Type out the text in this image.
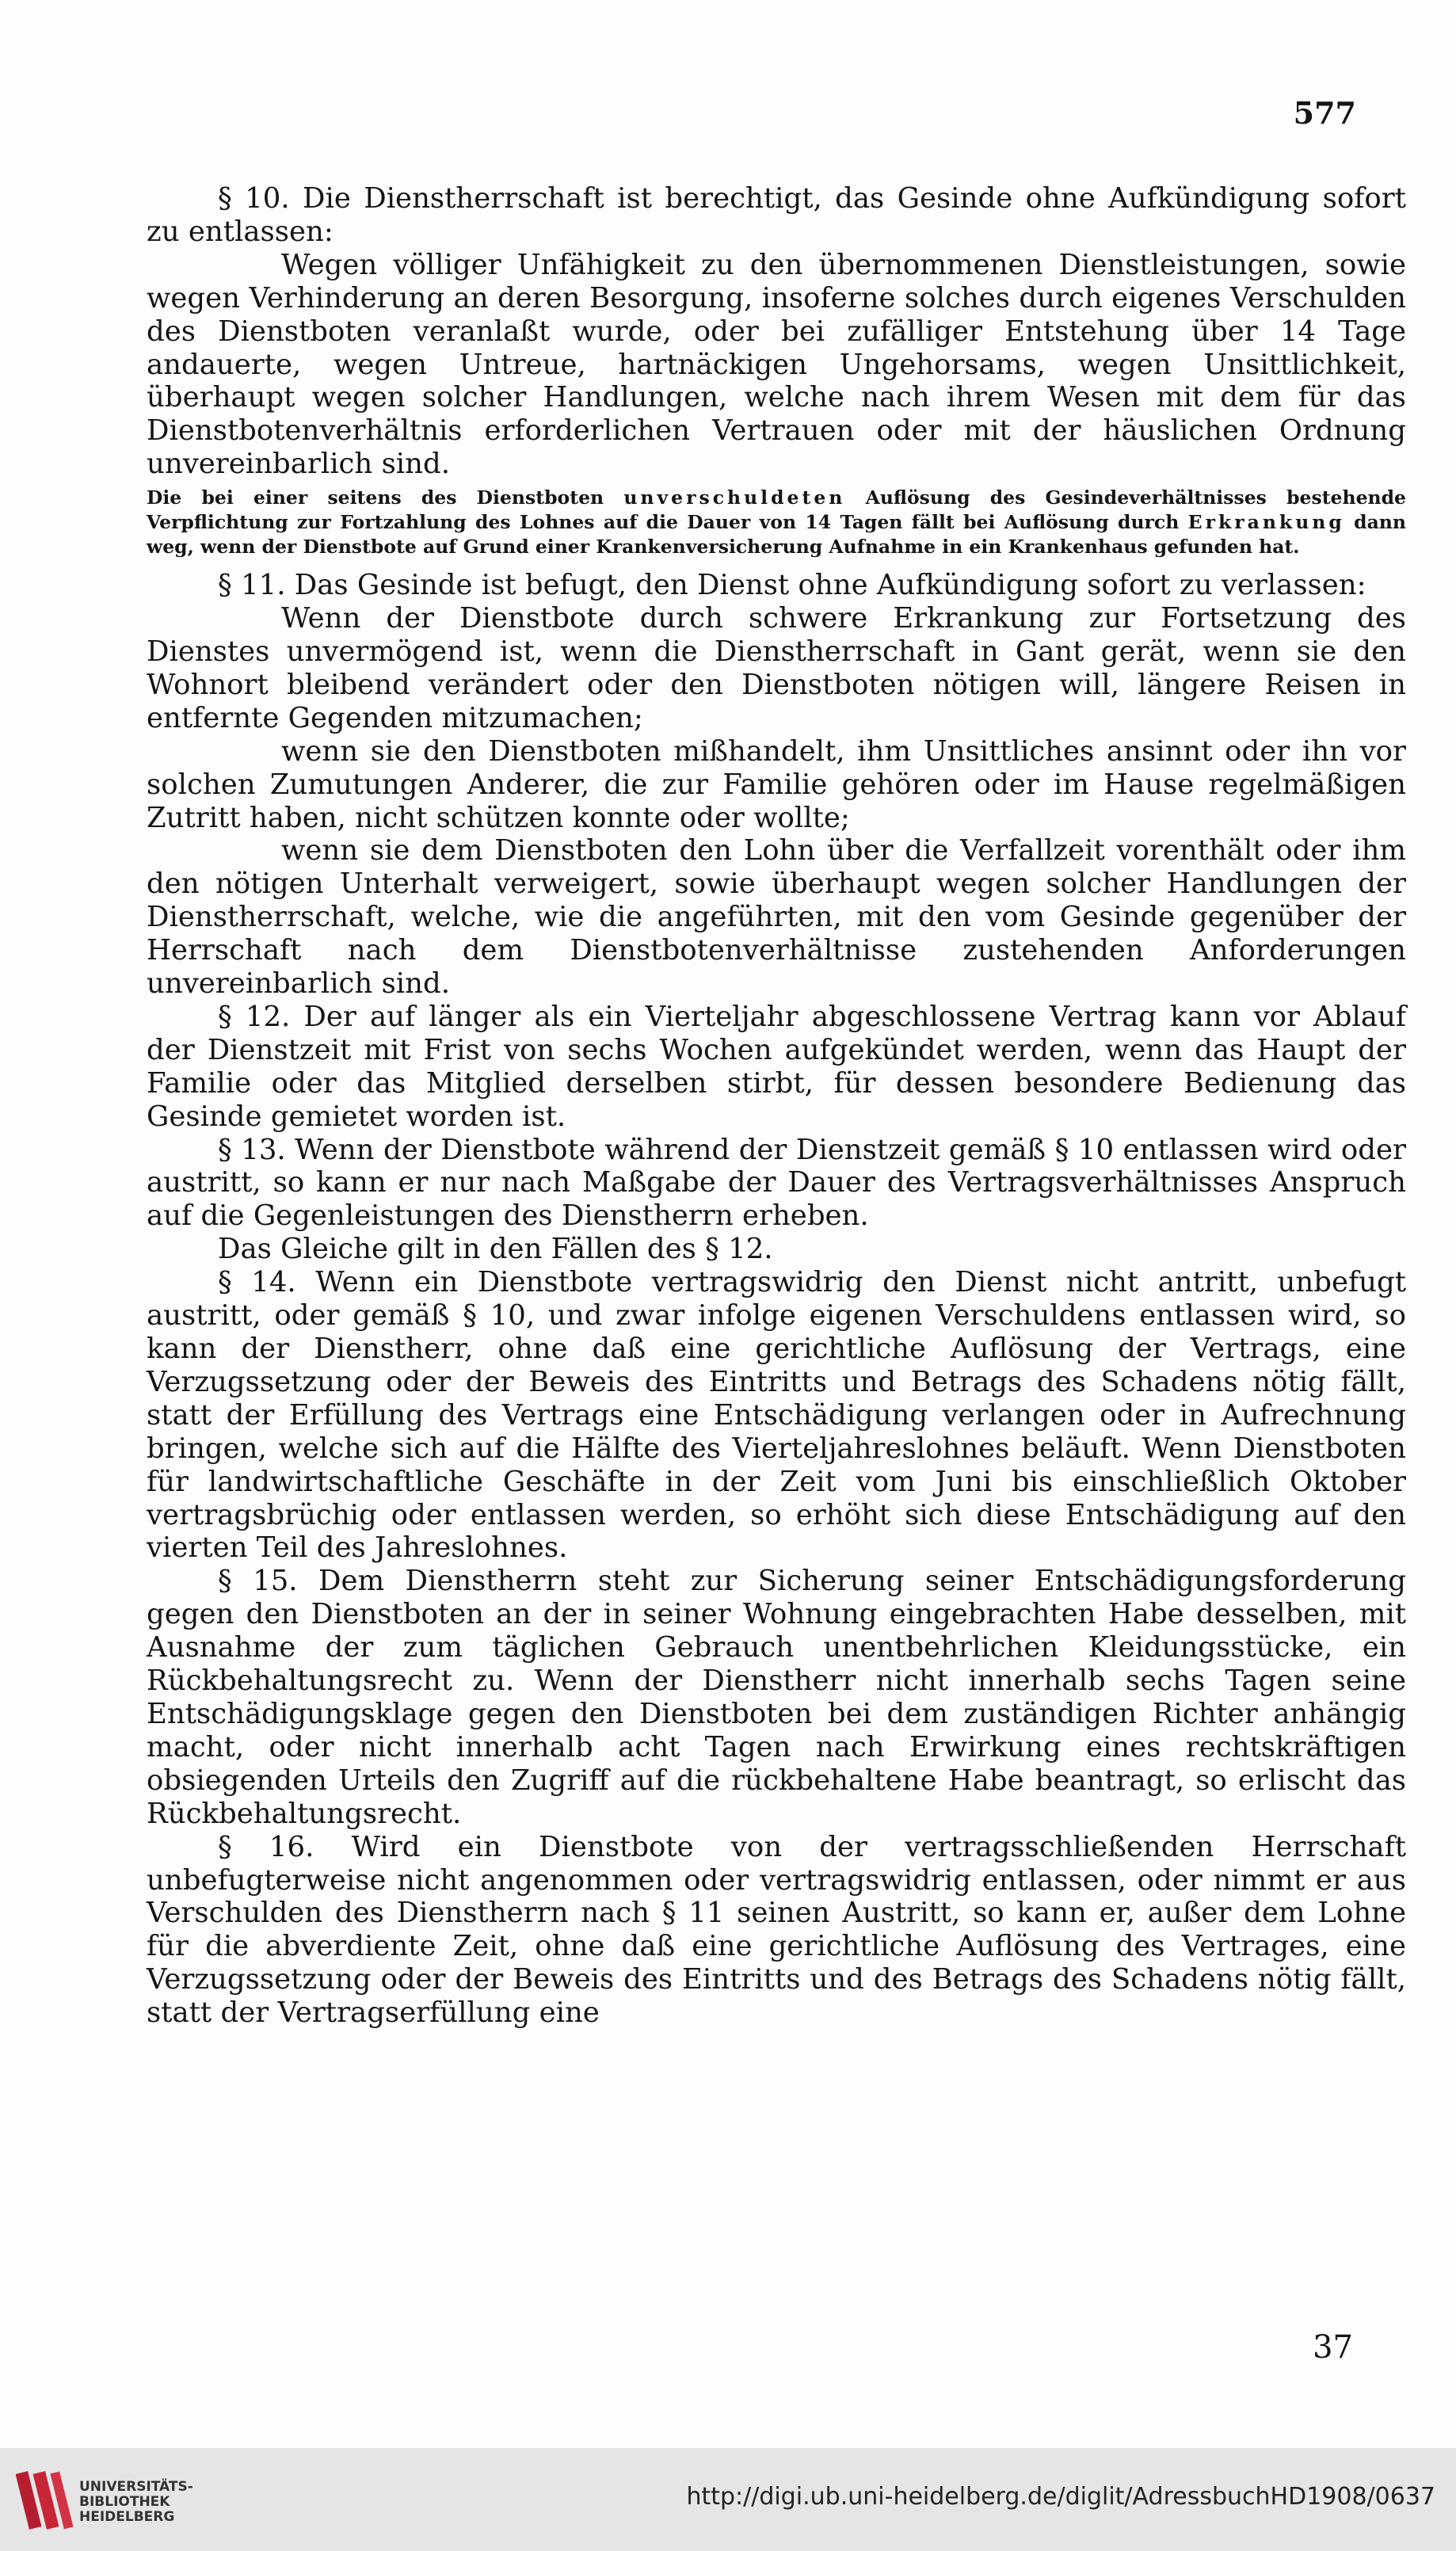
577

§ 10. Die Dienstherrschaft ist berechtigt, das Gesinde ohne Aufkündigung sofort zu entlassen:

Wegen völliger Unfähigkeit zu den übernommenen Dienstleistungen, sowie wegen Verhinderung an deren Besorgung, insoferne solches durch eigenes Verschulden des Dienstboten veranlaßt wurde, oder bei zufälliger Entstehung über 14 Tage andauerte, wegen Untreue, hartnäckigen Ungehorsams, wegen Unsittlichkeit, überhaupt wegen solcher Handlungen, welche nach ihrem Wesen mit dem für das Dienstbotenverhältnis erforderlichen Vertrauen oder mit der häuslichen Ordnung unvereinbarlich sind.

Die bei einer seitens des Dienstboten unverschuldeten Auflösung des Gesindeverhältnisses bestehende Verpflichtung zur Fortzahlung des Lohnes auf die Dauer von 14 Tagen fällt bei Auflösung durch Erkrankung dann weg, wenn der Dienstbote auf Grund einer Krankenversicherung Aufnahme in ein Krankenhaus gefunden hat.

§ 11. Das Gesinde ist befugt, den Dienst ohne Aufkündigung sofort zu verlassen:

Wenn der Dienstbote durch schwere Erkrankung zur Fortsetzung des Dienstes unvermögend ist, wenn die Dienstherrschaft in Gant gerät, wenn sie den Wohnort bleibend verändert oder den Dienstboten nötigen will, längere Reisen in entfernte Gegenden mitzumachen;

wenn sie den Dienstboten mißhandelt, ihm Unsittliches ansinnt oder ihn vor solchen Zumutungen Anderer, die zur Familie gehören oder im Hause regelmäßigen Zutritt haben, nicht schützen konnte oder wollte;

wenn sie dem Dienstboten den Lohn über die Verfallzeit vorenthält oder ihm den nötigen Unterhalt verweigert, sowie überhaupt wegen solcher Handlungen der Dienstherrschaft, welche, wie die angeführten, mit den vom Gesinde gegenüber der Herrschaft nach dem Dienstbotenverhältnisse zustehenden Anforderungen unvereinbarlich sind.

§ 12. Der auf länger als ein Vierteljahr abgeschlossene Vertrag kann vor Ablauf der Dienstzeit mit Frist von sechs Wochen aufgekündet werden, wenn das Haupt der Familie oder das Mitglied derselben stirbt, für dessen besondere Bedienung das Gesinde gemietet worden ist.

§ 13. Wenn der Dienstbote während der Dienstzeit gemäß § 10 entlassen wird oder austritt, so kann er nur nach Maßgabe der Dauer des Vertragsverhältnisses Anspruch auf die Gegenleistungen des Dienstherrn erheben.

Das Gleiche gilt in den Fällen des § 12.

§ 14. Wenn ein Dienstbote vertragswidrig den Dienst nicht antritt, unbefugt austritt, oder gemäß § 10, und zwar infolge eigenen Verschuldens entlassen wird, so kann der Dienstherr, ohne daß eine gerichtliche Auflösung der Vertrags, eine Verzugssetzung oder der Beweis des Eintritts und Betrags des Schadens nötig fällt, statt der Erfüllung des Vertrags eine Entschädigung verlangen oder in Aufrechnung bringen, welche sich auf die Hälfte des Vierteljahreslohnes beläuft. Wenn Dienstboten für landwirtschaftliche Geschäfte in der Zeit vom Juni bis einschließlich Oktober vertragsbrüchig oder entlassen werden, so erhöht sich diese Entschädigung auf den vierten Teil des Jahreslohnes.

§ 15. Dem Dienstherrn steht zur Sicherung seiner Entschädigungsforderung gegen den Dienstboten an der in seiner Wohnung eingebrachten Habe desselben, mit Ausnahme der zum täglichen Gebrauch unentbehrlichen Kleidungsstücke, ein Rückbehaltungsrecht zu. Wenn der Dienstherr nicht innerhalb sechs Tagen seine Entschädigungsklage gegen den Dienstboten bei dem zuständigen Richter anhängig macht, oder nicht innerhalb acht Tagen nach Erwirkung eines rechtskräftigen obsiegenden Urteils den Zugriff auf die rückbehaltene Habe beantragt, so erlischt das Rückbehaltungsrecht.

§ 16. Wird ein Dienstbote von der vertragsschließenden Herrschaft unbefugterweise nicht angenommen oder vertragswidrig entlassen, oder nimmt er aus Verschulden des Dienstherrn nach § 11 seinen Austritt, so kann er, außer dem Lohne für die abverdiente Zeit, ohne daß eine gerichtliche Auflösung des Vertrages, eine Verzugssetzung oder der Beweis des Eintritts und des Betrags des Schadens nötig fällt, statt der Vertragserfüllung eine

37
UNIVERSITÄTS-
BIBLIOTHEK
HEIDELBERG
http://digi.ub.uni-heidelberg.de/diglit/AdressbuchHD1908/0637
